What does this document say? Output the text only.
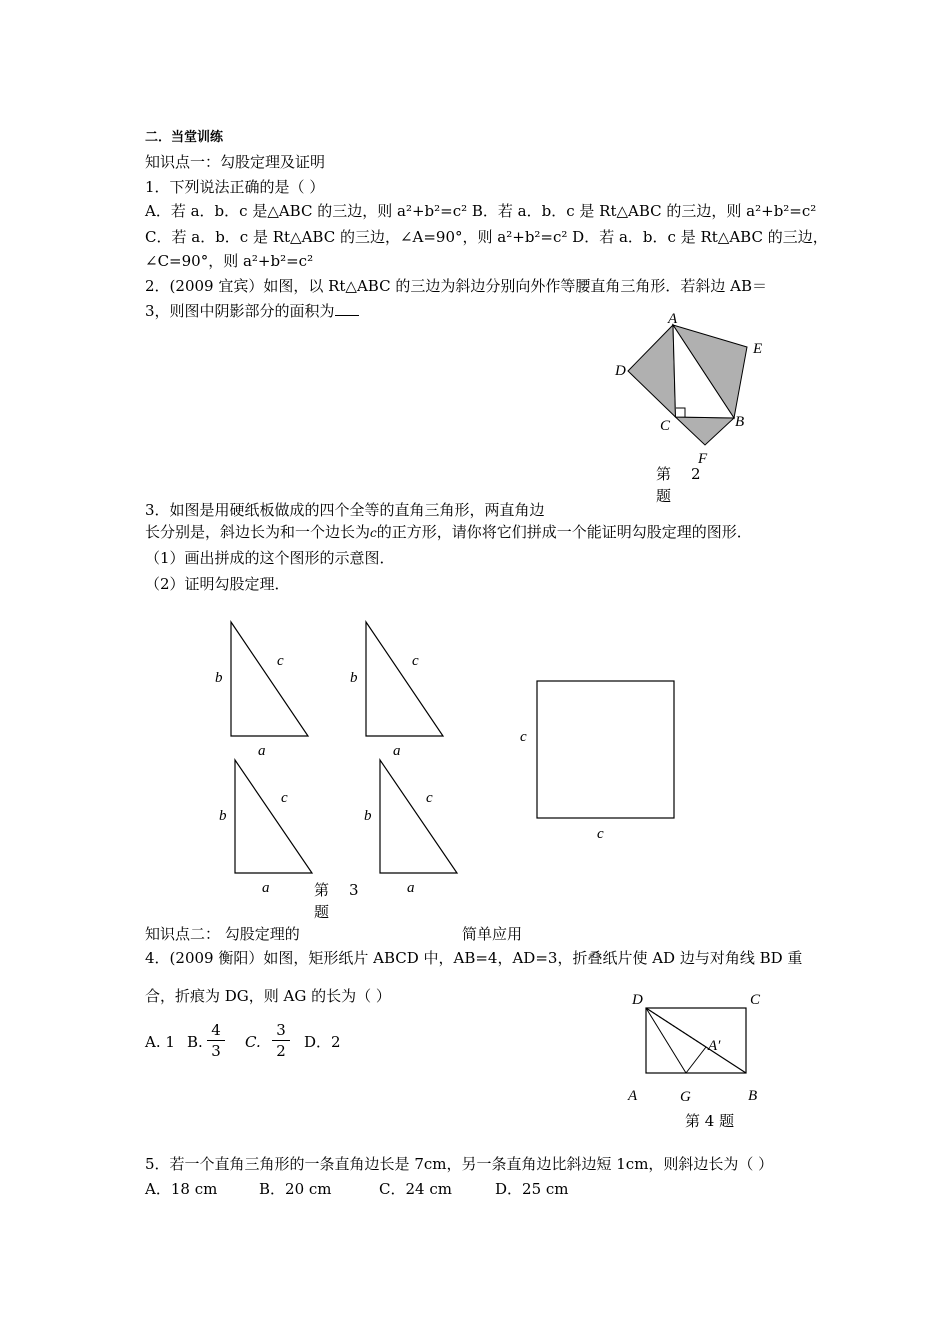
二．当堂训练
知识点一：勾股定理及证明
1．下列说法正确的是（ ）
A．若 a．b．c 是△ABC 的三边，则 a²+b²=c² B．若 a．b．c 是 Rt△ABC 的三边，则 a²+b²=c²
C．若 a．b．c 是 Rt△ABC 的三边，∠A=90°，则 a²+b²=c² D．若 a．b．c 是 Rt△ABC 的三边，
∠C=90°，则 a²+b²=c²
2．(2009 宜宾）如图，以 Rt△ABC 的三边为斜边分别向外作等腰直角三角形．若斜边 AB＝
3，则图中阴影部分的面积为	A
E
D
C	B
F
第 2
题
3．如图是用硬纸板做成的四个全等的直角三角形，两直角边
长分别是，斜边长为和一个边长为c的正方形，请你将它们拼成一个能证明勾股定理的图形．
（1）画出拼成的这个图形的示意图．
（2）证明勾股定理．
b
c
a
b
c
a
b
c
a
b
c
a
c
c
第 3
题
知识点二： 勾股定理的	简单应用
4．(2009 衡阳）如图，矩形纸片 ABCD 中，AB=4，AD=3，折叠纸片使 AD 边与对角线 BD 重
合，折痕为 DG，则 AG 的长为（ ）
A. 1 B.
4
3 C.
3
2 D．2
D	C
A′
A	G	B
第 4 题
5．若一个直角三角形的一条直角边长是 7cm，另一条直角边比斜边短 1cm，则斜边长为（ ）
A．18 cm	B．20 cm	C．24 cm	D．25 cm
